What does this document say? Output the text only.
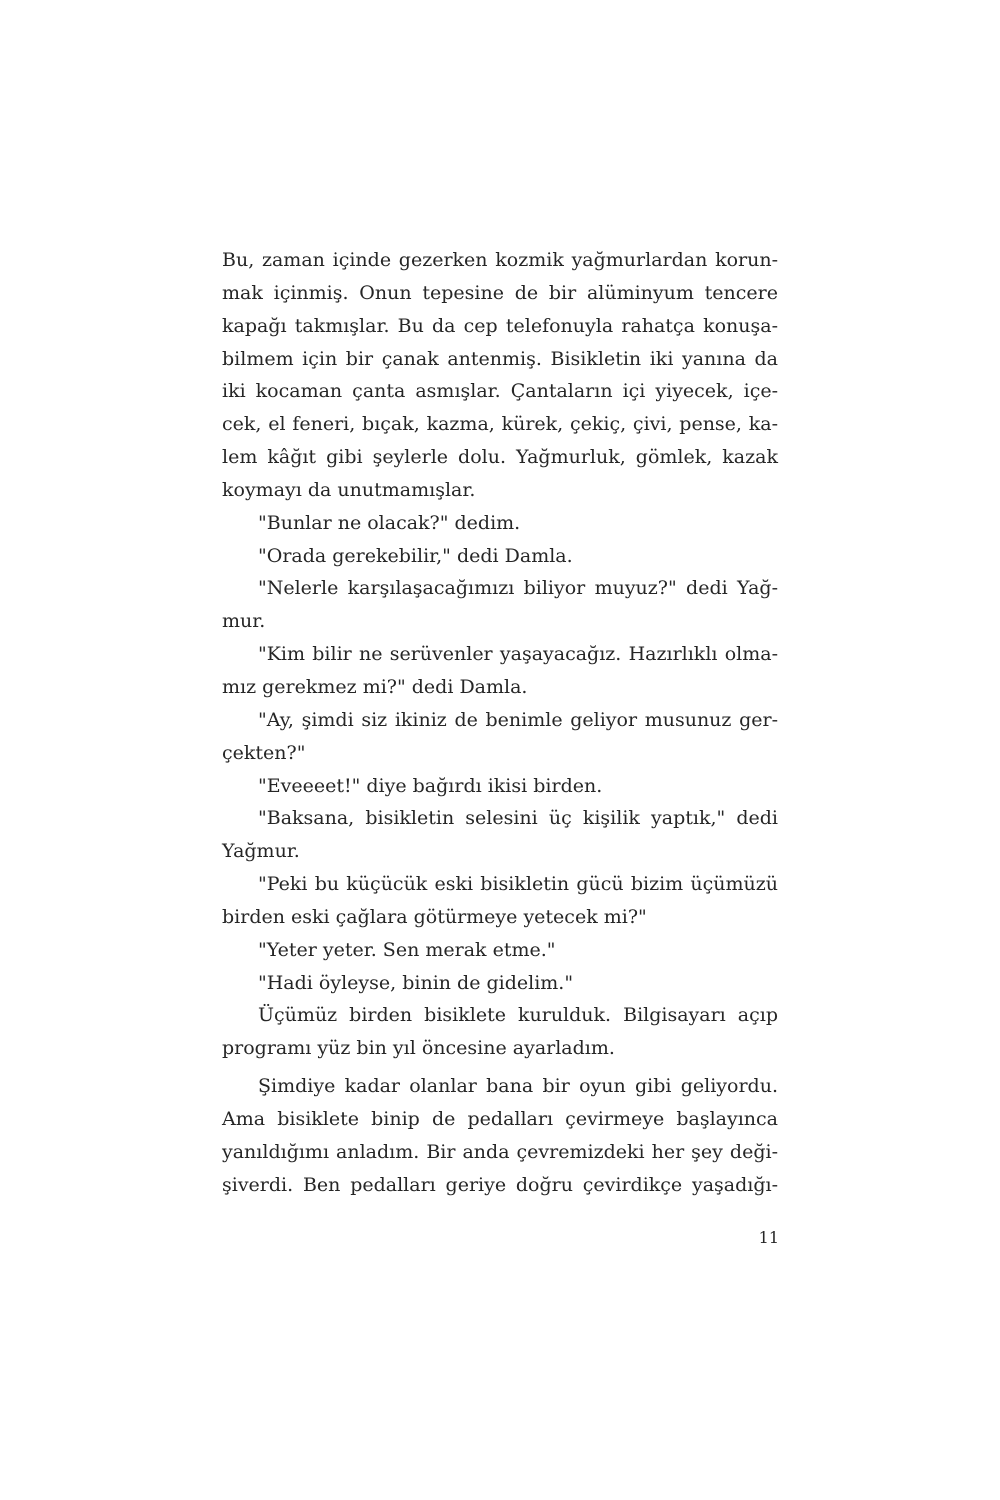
Bu, zaman içinde gezerken kozmik yağmurlardan korun-
mak içinmiş. Onun tepesine de bir alüminyum tencere
kapağı takmışlar. Bu da cep telefonuyla rahatça konuşa-
bilmem için bir çanak antenmiş. Bisikletin iki yanına da
iki kocaman çanta asmışlar. Çantaların içi yiyecek, içe-
cek, el feneri, bıçak, kazma, kürek, çekiç, çivi, pense, ka-
lem kâğıt gibi şeylerle dolu. Yağmurluk, gömlek, kazak
koymayı da unutmamışlar.
"Bunlar ne olacak?" dedim.
"Orada gerekebilir," dedi Damla.
"Nelerle karşılaşacağımızı biliyor muyuz?" dedi Yağ-
mur.
"Kim bilir ne serüvenler yaşayacağız. Hazırlıklı olma-
mız gerekmez mi?" dedi Damla.
"Ay, şimdi siz ikiniz de benimle geliyor musunuz ger-
çekten?"
"Eveeeet!" diye bağırdı ikisi birden.
"Baksana, bisikletin selesini üç kişilik yaptık," dedi
Yağmur.
"Peki bu küçücük eski bisikletin gücü bizim üçümüzü
birden eski çağlara götürmeye yetecek mi?"
"Yeter yeter. Sen merak etme."
"Hadi öyleyse, binin de gidelim."
Üçümüz birden bisiklete kurulduk. Bilgisayarı açıp
programı yüz bin yıl öncesine ayarladım.
Şimdiye kadar olanlar bana bir oyun gibi geliyordu.
Ama bisiklete binip de pedalları çevirmeye başlayınca
yanıldığımı anladım. Bir anda çevremizdeki her şey deği-
şiverdi. Ben pedalları geriye doğru çevirdikçe yaşadığı-
11
